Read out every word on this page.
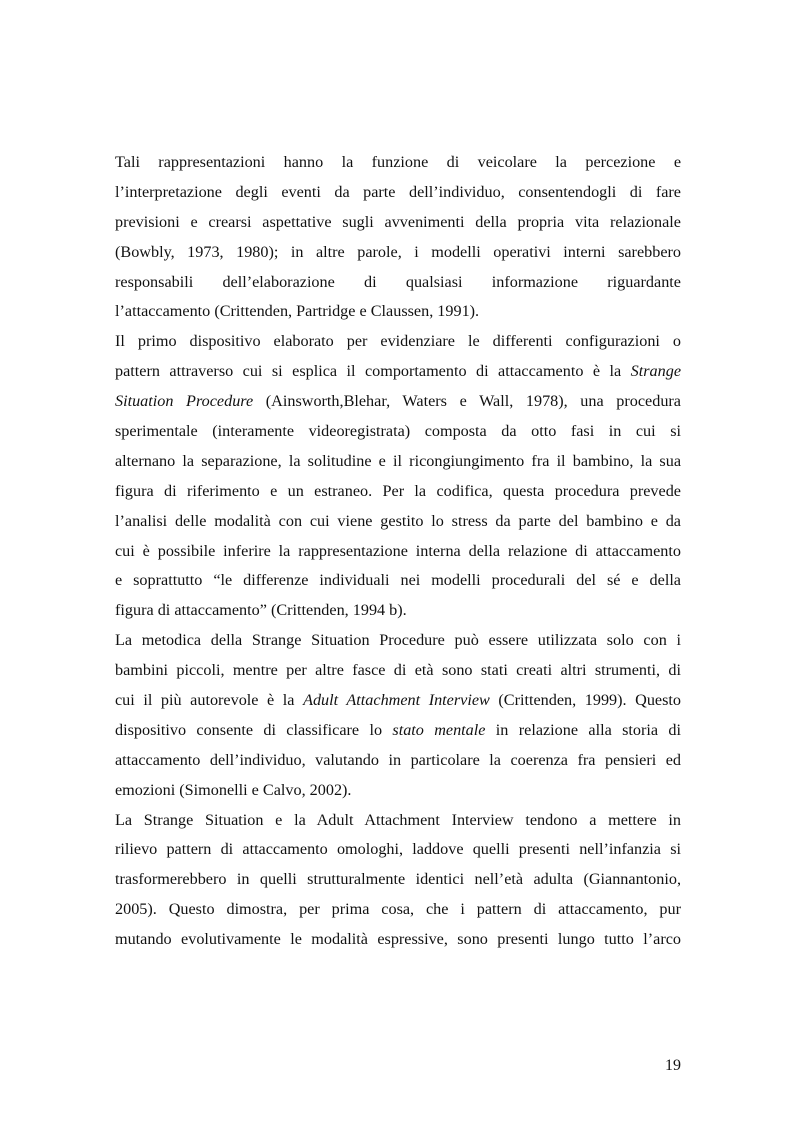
Tali rappresentazioni hanno la funzione di veicolare la percezione e
l’interpretazione degli eventi da parte dell’individuo, consentendogli di fare
previsioni e crearsi aspettative sugli avvenimenti della propria vita relazionale
(Bowbly, 1973, 1980); in altre parole, i modelli operativi interni sarebbero
responsabili dell’elaborazione di qualsiasi informazione riguardante
l’attaccamento (Crittenden, Partridge e Claussen, 1991).
Il primo dispositivo elaborato per evidenziare le differenti configurazioni o
pattern attraverso cui si esplica il comportamento di attaccamento è la Strange
Situation Procedure (Ainsworth,Blehar, Waters e Wall, 1978), una procedura
sperimentale (interamente videoregistrata) composta da otto fasi in cui si
alternano la separazione, la solitudine e il ricongiungimento fra il bambino, la sua
figura di riferimento e un estraneo. Per la codifica, questa procedura prevede
l’analisi delle modalità con cui viene gestito lo stress da parte del bambino e da
cui è possibile inferire la rappresentazione interna della relazione di attaccamento
e soprattutto “le differenze individuali nei modelli procedurali del sé e della
figura di attaccamento” (Crittenden, 1994 b).
La metodica della Strange Situation Procedure può essere utilizzata solo con i
bambini piccoli, mentre per altre fasce di età sono stati creati altri strumenti, di
cui il più autorevole è la Adult Attachment Interview (Crittenden, 1999). Questo
dispositivo consente di classificare lo stato mentale in relazione alla storia di
attaccamento dell’individuo, valutando in particolare la coerenza fra pensieri ed
emozioni (Simonelli e Calvo, 2002).
La Strange Situation e la Adult Attachment Interview tendono a mettere in
rilievo pattern di attaccamento omologhi, laddove quelli presenti nell’infanzia si
trasformerebbero in quelli strutturalmente identici nell’età adulta (Giannantonio,
2005). Questo dimostra, per prima cosa, che i pattern di attaccamento, pur
mutando evolutivamente le modalità espressive, sono presenti lungo tutto l’arco
19
